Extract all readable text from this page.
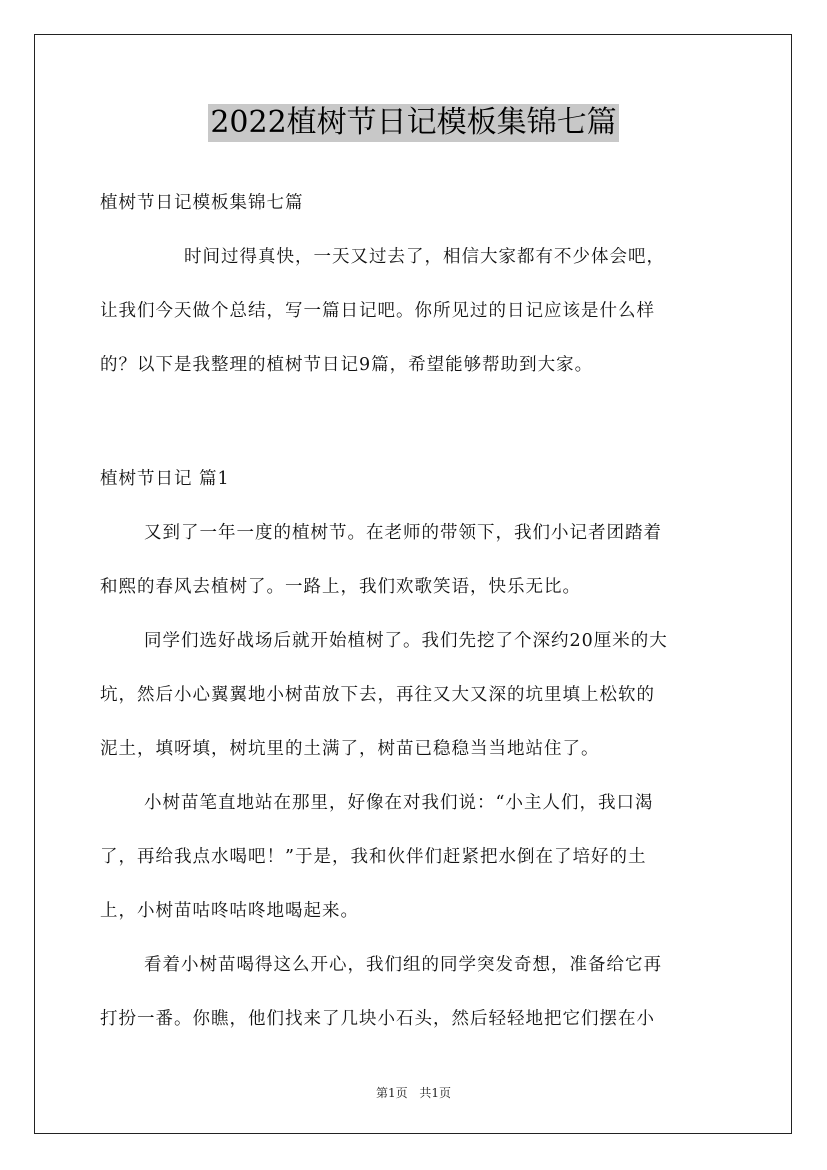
2022植树节日记模板集锦七篇
植树节日记模板集锦七篇
时间过得真快，一天又过去了，相信大家都有不少体会吧，
让我们今天做个总结，写一篇日记吧。你所见过的日记应该是什么样
的？以下是我整理的植树节日记9篇，希望能够帮助到大家。
植树节日记 篇1
又到了一年一度的植树节。在老师的带领下，我们小记者团踏着
和熙的春风去植树了。一路上，我们欢歌笑语，快乐无比。
同学们选好战场后就开始植树了。我们先挖了个深约20厘米的大
坑，然后小心翼翼地小树苗放下去，再往又大又深的坑里填上松软的
泥土，填呀填，树坑里的土满了，树苗已稳稳当当地站住了。
小树苗笔直地站在那里，好像在对我们说：“小主人们，我口渴
了，再给我点水喝吧！”于是，我和伙伴们赶紧把水倒在了培好的土
上，小树苗咕咚咕咚地喝起来。
看着小树苗喝得这么开心，我们组的同学突发奇想，准备给它再
打扮一番。你瞧，他们找来了几块小石头，然后轻轻地把它们摆在小
第1页 共1页
